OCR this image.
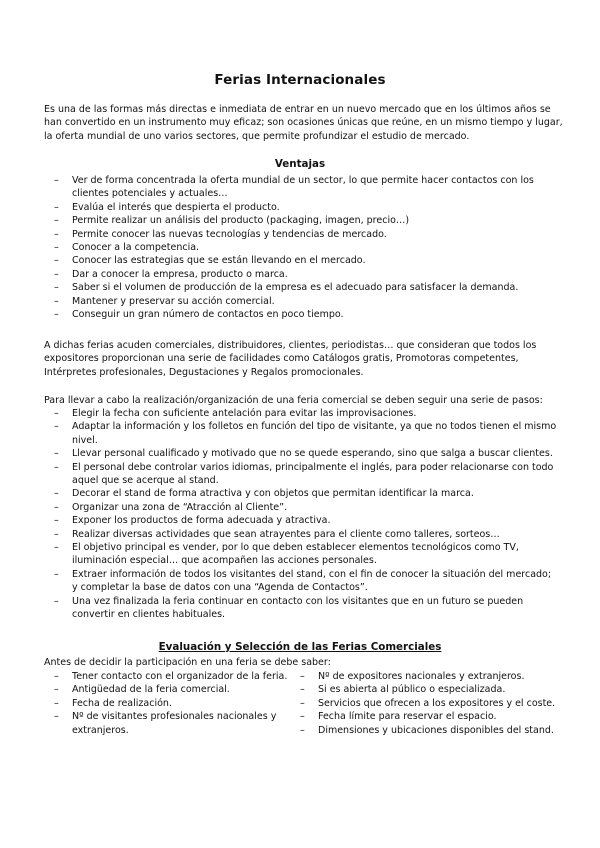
Ferias Internacionales

Es una de las formas más directas e inmediata de entrar en un nuevo mercado que en los últimos años se han convertido en un instrumento muy eficaz; son ocasiones únicas que reúne, en un mismo tiempo y lugar, la oferta mundial de uno varios sectores, que permite profundizar el estudio de mercado.

Ventajas
– Ver de forma concentrada la oferta mundial de un sector, lo que permite hacer contactos con los clientes potenciales y actuales…
– Evalúa el interés que despierta el producto.
– Permite realizar un análisis del producto (packaging, imagen, precio…)
– Permite conocer las nuevas tecnologías y tendencias de mercado.
– Conocer a la competencia.
– Conocer las estrategias que se están llevando en el mercado.
– Dar a conocer la empresa, producto o marca.
– Saber si el volumen de producción de la empresa es el adecuado para satisfacer la demanda.
– Mantener y preservar su acción comercial.
– Conseguir un gran número de contactos en poco tiempo.

A dichas ferias acuden comerciales, distribuidores, clientes, periodistas… que consideran que todos los expositores proporcionan una serie de facilidades como Catálogos gratis, Promotoras competentes, Intérpretes profesionales, Degustaciones y Regalos promocionales.

Para llevar a cabo la realización/organización de una feria comercial se deben seguir una serie de pasos:

– Elegir la fecha con suficiente antelación para evitar las improvisaciones.
– Adaptar la información y los folletos en función del tipo de visitante, ya que no todos tienen el mismo nivel.
– Llevar personal cualificado y motivado que no se quede esperando, sino que salga a buscar clientes.
– El personal debe controlar varios idiomas, principalmente el inglés, para poder relacionarse con todo aquel que se acerque al stand.
– Decorar el stand de forma atractiva y con objetos que permitan identificar la marca.
– Organizar una zona de “Atracción al Cliente”.
– Exponer los productos de forma adecuada y atractiva.
– Realizar diversas actividades que sean atrayentes para el cliente como talleres, sorteos…
– El objetivo principal es vender, por lo que deben establecer elementos tecnológicos como TV, iluminación especial… que acompañen las acciones personales.
– Extraer información de todos los visitantes del stand, con el fin de conocer la situación del mercado; y completar la base de datos con una “Agenda de Contactos”.
– Una vez finalizada la feria continuar en contacto con los visitantes que en un futuro se pueden convertir en clientes habituales.
Evaluación y Selección de las Ferias Comerciales

Antes de decidir la participación en una feria se debe saber:

– Tener contacto con el organizador de la feria.
– Antigüedad de la feria comercial.
– Fecha de realización.
– Nº de visitantes profesionales nacionales y extranjeros.
– Nº de expositores nacionales y extranjeros.
– Si es abierta al público o especializada.
– Servicios que ofrecen a los expositores y el coste.
– Fecha límite para reservar el espacio.
– Dimensiones y ubicaciones disponibles del stand.
